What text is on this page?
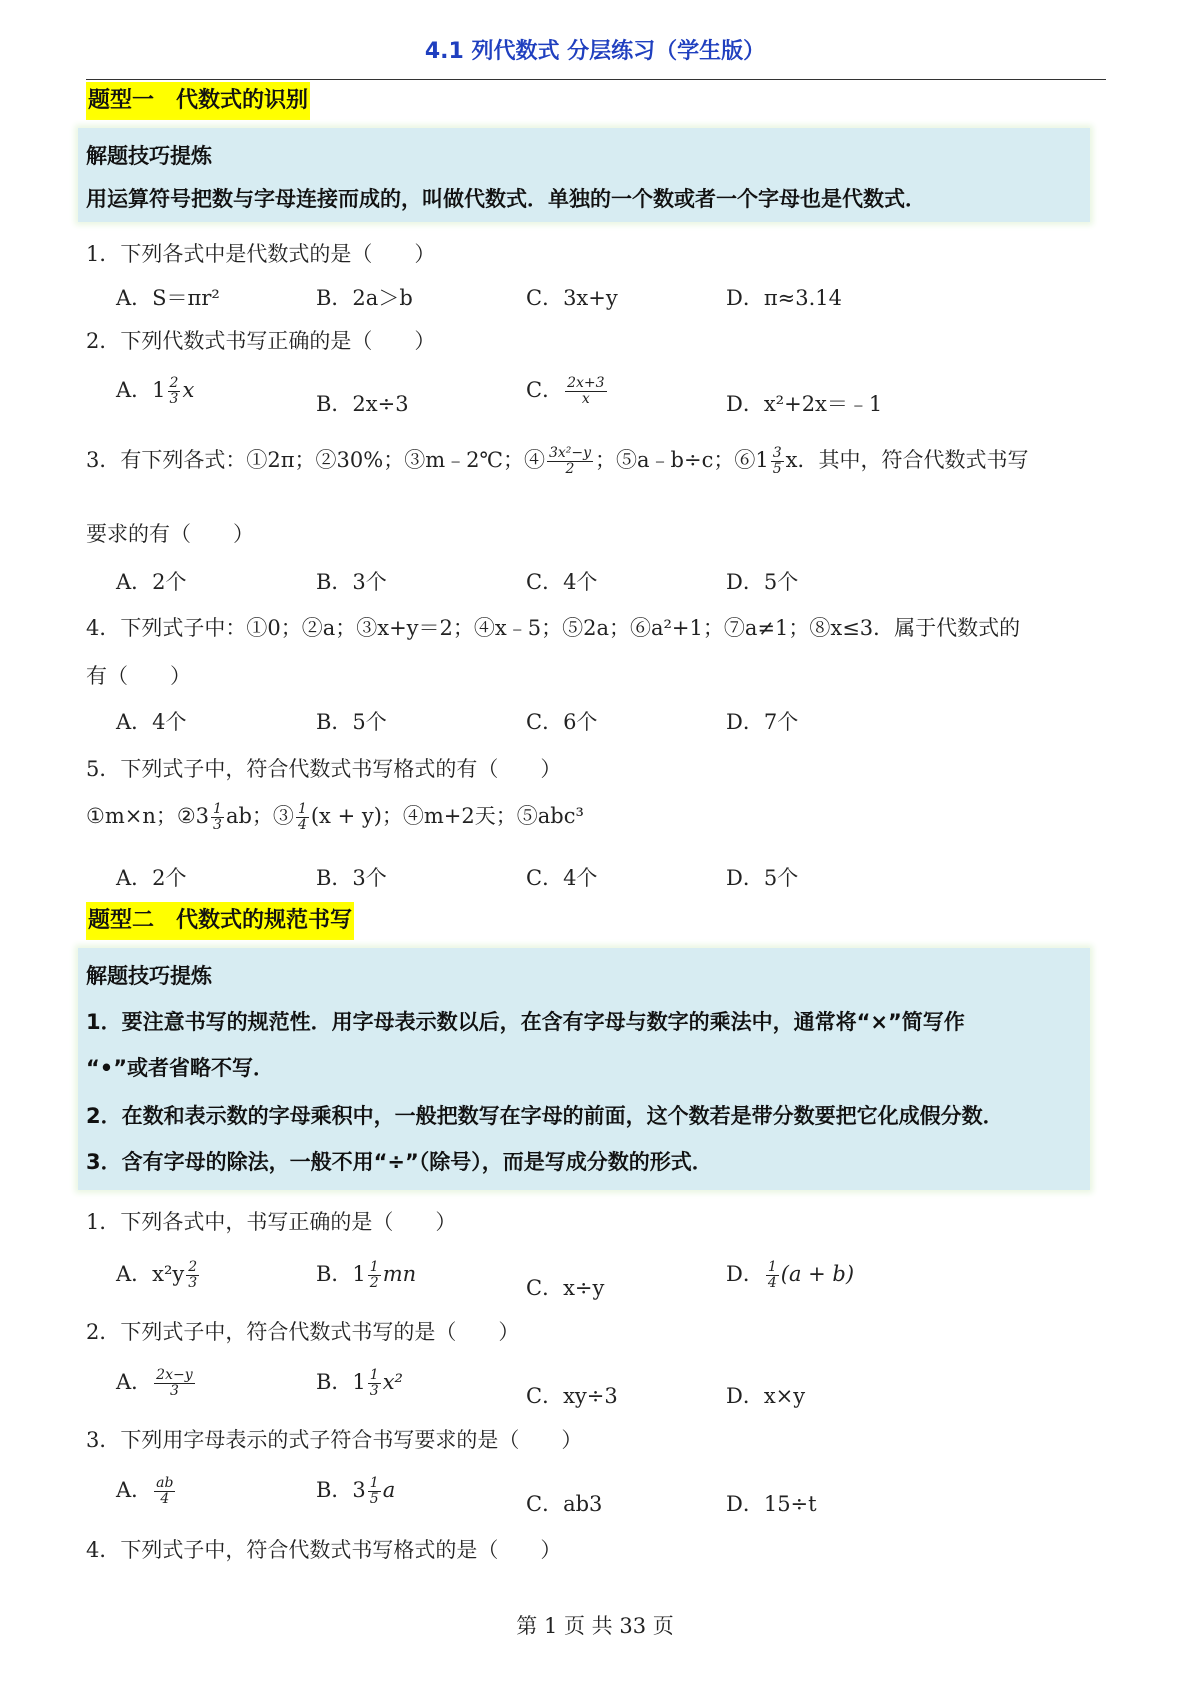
4.1 列代数式 分层练习（学生版）
题型一　代数式的识别
解题技巧提炼
用运算符号把数与字母连接而成的，叫做代数式．单独的一个数或者一个字母也是代数式．
1．下列各式中是代数式的是（　　）
A．S＝πr²	B．2a＞b	C．3x+y	D．π≈3.14
2．下列代数式书写正确的是（　　）
A．$1 \frac{2}{3}$ x
B．2x÷3
C． $\frac{2x+3}{x}$	D．x²+2x＝﹣1
3．有下列各式：①2π；②30%；③m﹣2℃；④ $\frac{\text{3x²−y}}{2}$ ；⑤a﹣b÷c；⑥1 $\frac{3}{5}$ x．其中，符合代数式书写
要求的有（　　）
A．2个	B．3个	C．4个	D．5个
4．下列式子中：①0；②a；③x+y＝2；④x﹣5；⑤2a；⑥a²+1；⑦a≠1；⑧x≤3．属于代数式的
有（　　）
A．4个	B．5个	C．6个	D．7个
5．下列式子中，符合代数式书写格式的有（　　）
①m×n；②3 $\frac{1}{3}$ ab；③ $\frac{1}{4} (x + y)$；④m+2天；⑤abc³
A．2个	B．3个	C．4个	D．5个
题型二　代数式的规范书写
解题技巧提炼
1．要注意书写的规范性．用字母表示数以后，在含有字母与数字的乘法中，通常将“×”简写作
“•”或者省略不写．
2．在数和表示数的字母乘积中，一般把数写在字母的前面，这个数若是带分数要把它化成假分数．
3．含有字母的除法，一般不用“÷”（除号），而是写成分数的形式．
1．下列各式中，书写正确的是（　　）
A．$x^2y \frac{2}{3}$	B．$1 \frac{1}{2}$ mn
C．x÷y
D． $\frac{1}{4} (a + b)$
2．下列式子中，符合代数式书写的是（　　）
A． $\frac{2x-y}{3}$	B．$1 \frac{1}{3} x^2$
C．xy÷3	D．x×y
3．下列用字母表示的式子符合书写要求的是（　　）
A． $\frac{ab}{4}$	B．$3 \frac{1}{5}$ a
C．ab3	D．15÷t
4．下列式子中，符合代数式书写格式的是（　　）
第 1 页 共 33 页
